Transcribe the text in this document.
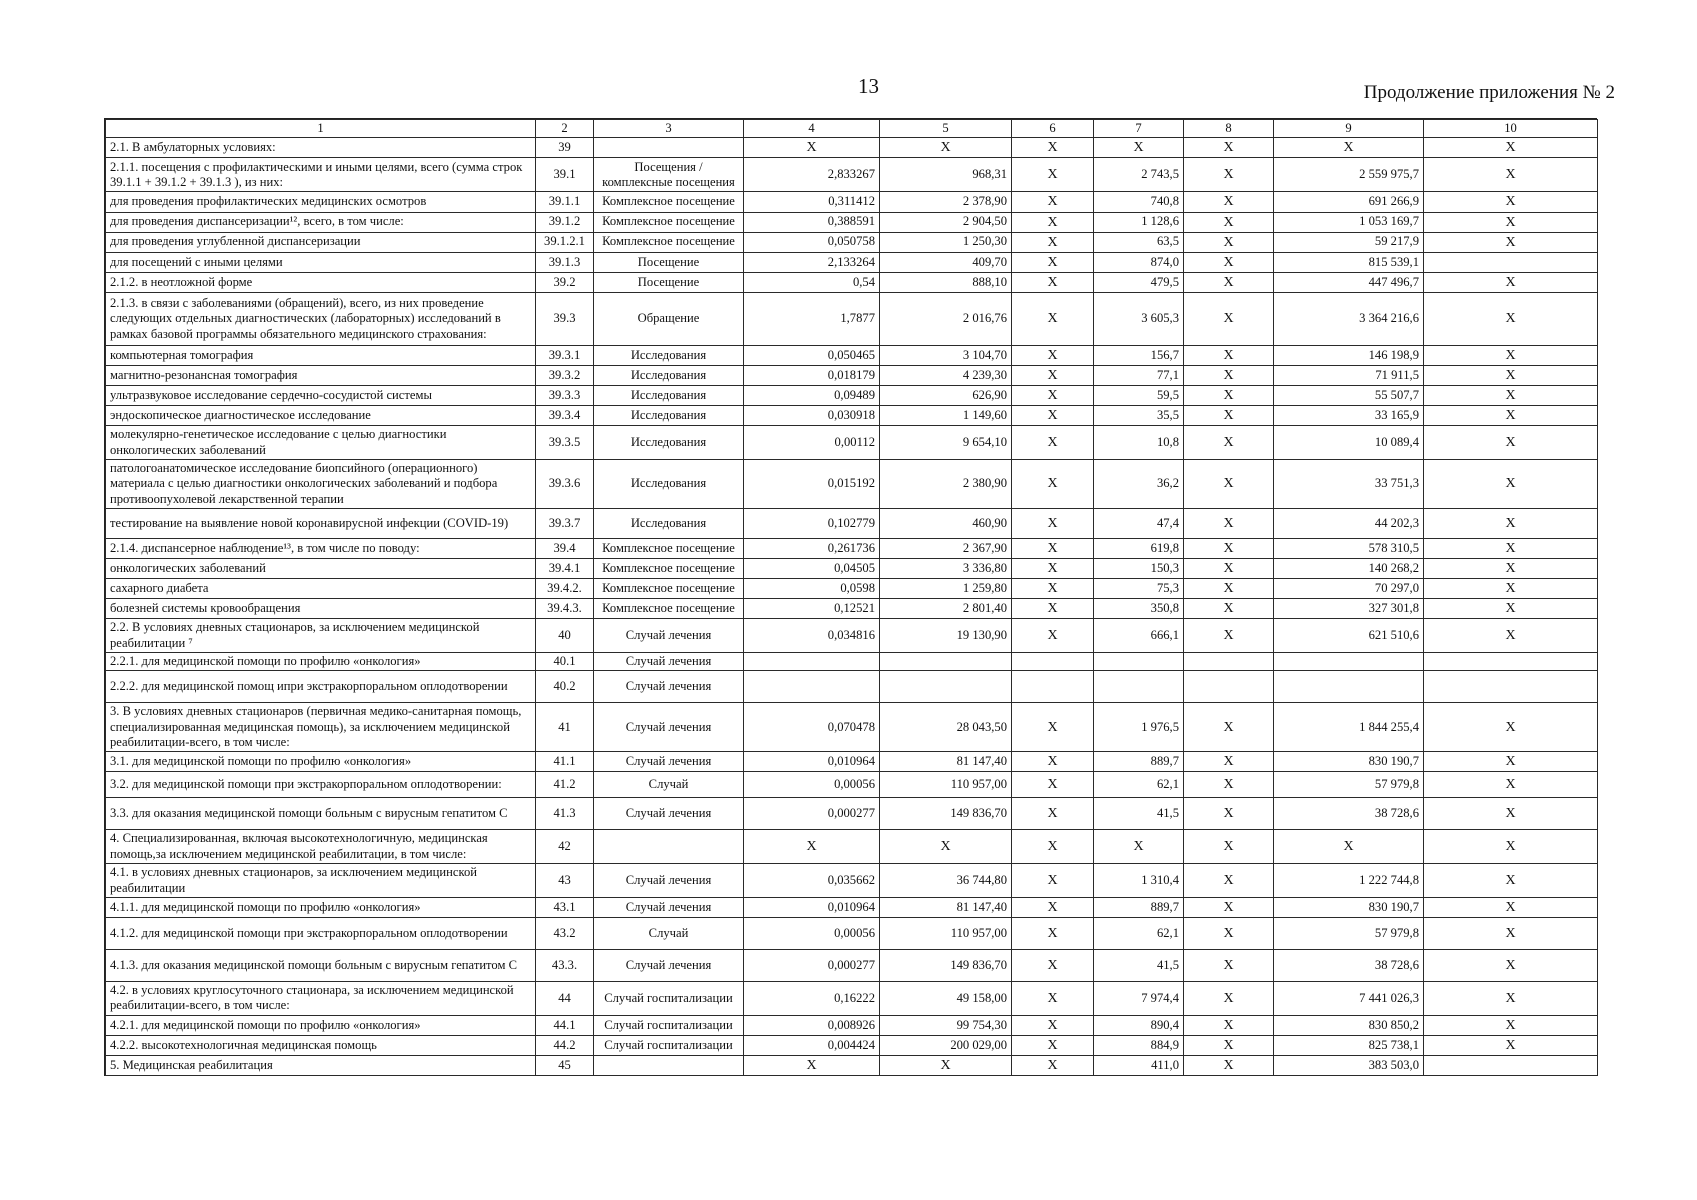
13	Продолжение приложения № 2
1	2	3	4	5	6	7	8	9	10
2.1. В амбулаторных условиях:	39		Х	Х	Х	Х	Х	Х	Х
2.1.1. посещения с профилактическими и иными целями, всего (сумма строк 39.1.1 + 39.1.2 + 39.1.3 ), из них:	39.1	Посещения / комплексные посещения	2,833267	968,31	Х	2 743,5	Х	2 559 975,7	Х
для проведения профилактических медицинских осмотров	39.1.1	Комплексное посещение	0,311412	2 378,90	Х	740,8	Х	691 266,9	Х
для проведения диспансеризации¹², всего, в том числе:	39.1.2	Комплексное посещение	0,388591	2 904,50	Х	1 128,6	Х	1 053 169,7	Х
для проведения углубленной диспансеризации	39.1.2.1	Комплексное посещение	0,050758	1 250,30	Х	63,5	Х	59 217,9	Х
для посещений с иными целями	39.1.3	Посещение	2,133264	409,70	Х	874,0	Х	815 539,1	
2.1.2. в неотложной форме	39.2	Посещение	0,54	888,10	Х	479,5	Х	447 496,7	Х
2.1.3. в связи с заболеваниями (обращений), всего, из них проведение следующих отдельных диагностических (лабораторных) исследований в рамках базовой программы обязательного медицинского страхования:	39.3	Обращение	1,7877	2 016,76	Х	3 605,3	Х	3 364 216,6	Х
компьютерная томография	39.3.1	Исследования	0,050465	3 104,70	Х	156,7	Х	146 198,9	Х
магнитно-резонансная томография	39.3.2	Исследования	0,018179	4 239,30	Х	77,1	Х	71 911,5	Х
ультразвуковое исследование сердечно-сосудистой системы	39.3.3	Исследования	0,09489	626,90	Х	59,5	Х	55 507,7	Х
эндоскопическое диагностическое исследование	39.3.4	Исследования	0,030918	1 149,60	Х	35,5	Х	33 165,9	Х
молекулярно-генетическое исследование с целью диагностики онкологических заболеваний	39.3.5	Исследования	0,00112	9 654,10	Х	10,8	Х	10 089,4	Х
патологоанатомическое исследование биопсийного (операционного) материала с целью диагностики онкологических заболеваний и подбора противоопухолевой лекарственной терапии	39.3.6	Исследования	0,015192	2 380,90	Х	36,2	Х	33 751,3	Х
тестирование на выявление новой коронавирусной инфекции (COVID-19)	39.3.7	Исследования	0,102779	460,90	Х	47,4	Х	44 202,3	Х
2.1.4. диспансерное наблюдение¹³, в том числе по поводу:	39.4	Комплексное посещение	0,261736	2 367,90	Х	619,8	Х	578 310,5	Х
онкологических заболеваний	39.4.1	Комплексное посещение	0,04505	3 336,80	Х	150,3	Х	140 268,2	Х
сахарного диабета	39.4.2.	Комплексное посещение	0,0598	1 259,80	Х	75,3	Х	70 297,0	Х
болезней системы кровообращения	39.4.3.	Комплексное посещение	0,12521	2 801,40	Х	350,8	Х	327 301,8	Х
2.2. В условиях дневных стационаров, за исключением медицинской реабилитации ⁷	40	Случай лечения	0,034816	19 130,90	Х	666,1	Х	621 510,6	Х
2.2.1. для медицинской помощи по профилю «онкология»	40.1	Случай лечения							
2.2.2. для медицинской помощ ипри экстракорпоральном оплодотворении	40.2	Случай лечения							
3. В условиях дневных стационаров (первичная медико-санитарная помощь, специализированная медицинская помощь), за исключением медицинской реабилитации-всего, в том числе:	41	Случай лечения	0,070478	28 043,50	Х	1 976,5	Х	1 844 255,4	Х
3.1. для медицинской помощи по профилю «онкология»	41.1	Случай лечения	0,010964	81 147,40	Х	889,7	Х	830 190,7	Х
3.2. для медицинской помощи при экстракорпоральном оплодотворении:	41.2	Случай	0,00056	110 957,00	Х	62,1	Х	57 979,8	Х
3.3. для оказания медицинской помощи больным с вирусным гепатитом С	41.3	Случай лечения	0,000277	149 836,70	Х	41,5	Х	38 728,6	Х
4. Специализированная, включая высокотехнологичную, медицинская помощь,за исключением медицинской реабилитации, в том числе:	42		Х	Х	Х	Х	Х	Х	Х
4.1. в условиях дневных стационаров, за исключением медицинской реабилитации	43	Случай лечения	0,035662	36 744,80	Х	1 310,4	Х	1 222 744,8	Х
4.1.1. для медицинской помощи по профилю «онкология»	43.1	Случай лечения	0,010964	81 147,40	Х	889,7	Х	830 190,7	Х
4.1.2. для медицинской помощи при экстракорпоральном оплодотворении	43.2	Случай	0,00056	110 957,00	Х	62,1	Х	57 979,8	Х
4.1.3. для оказания медицинской помощи больным с вирусным гепатитом С	43.3.	Случай лечения	0,000277	149 836,70	Х	41,5	Х	38 728,6	Х
4.2. в условиях круглосуточного стационара, за исключением медицинской реабилитации-всего, в том числе:	44	Случай госпитализации	0,16222	49 158,00	Х	7 974,4	Х	7 441 026,3	Х
4.2.1. для медицинской помощи по профилю «онкология»	44.1	Случай госпитализации	0,008926	99 754,30	Х	890,4	Х	830 850,2	Х
4.2.2. высокотехнологичная медицинская помощь	44.2	Случай госпитализации	0,004424	200 029,00	Х	884,9	Х	825 738,1	Х
5. Медицинская реабилитация	45		Х	Х	Х	411,0	Х	383 503,0	
